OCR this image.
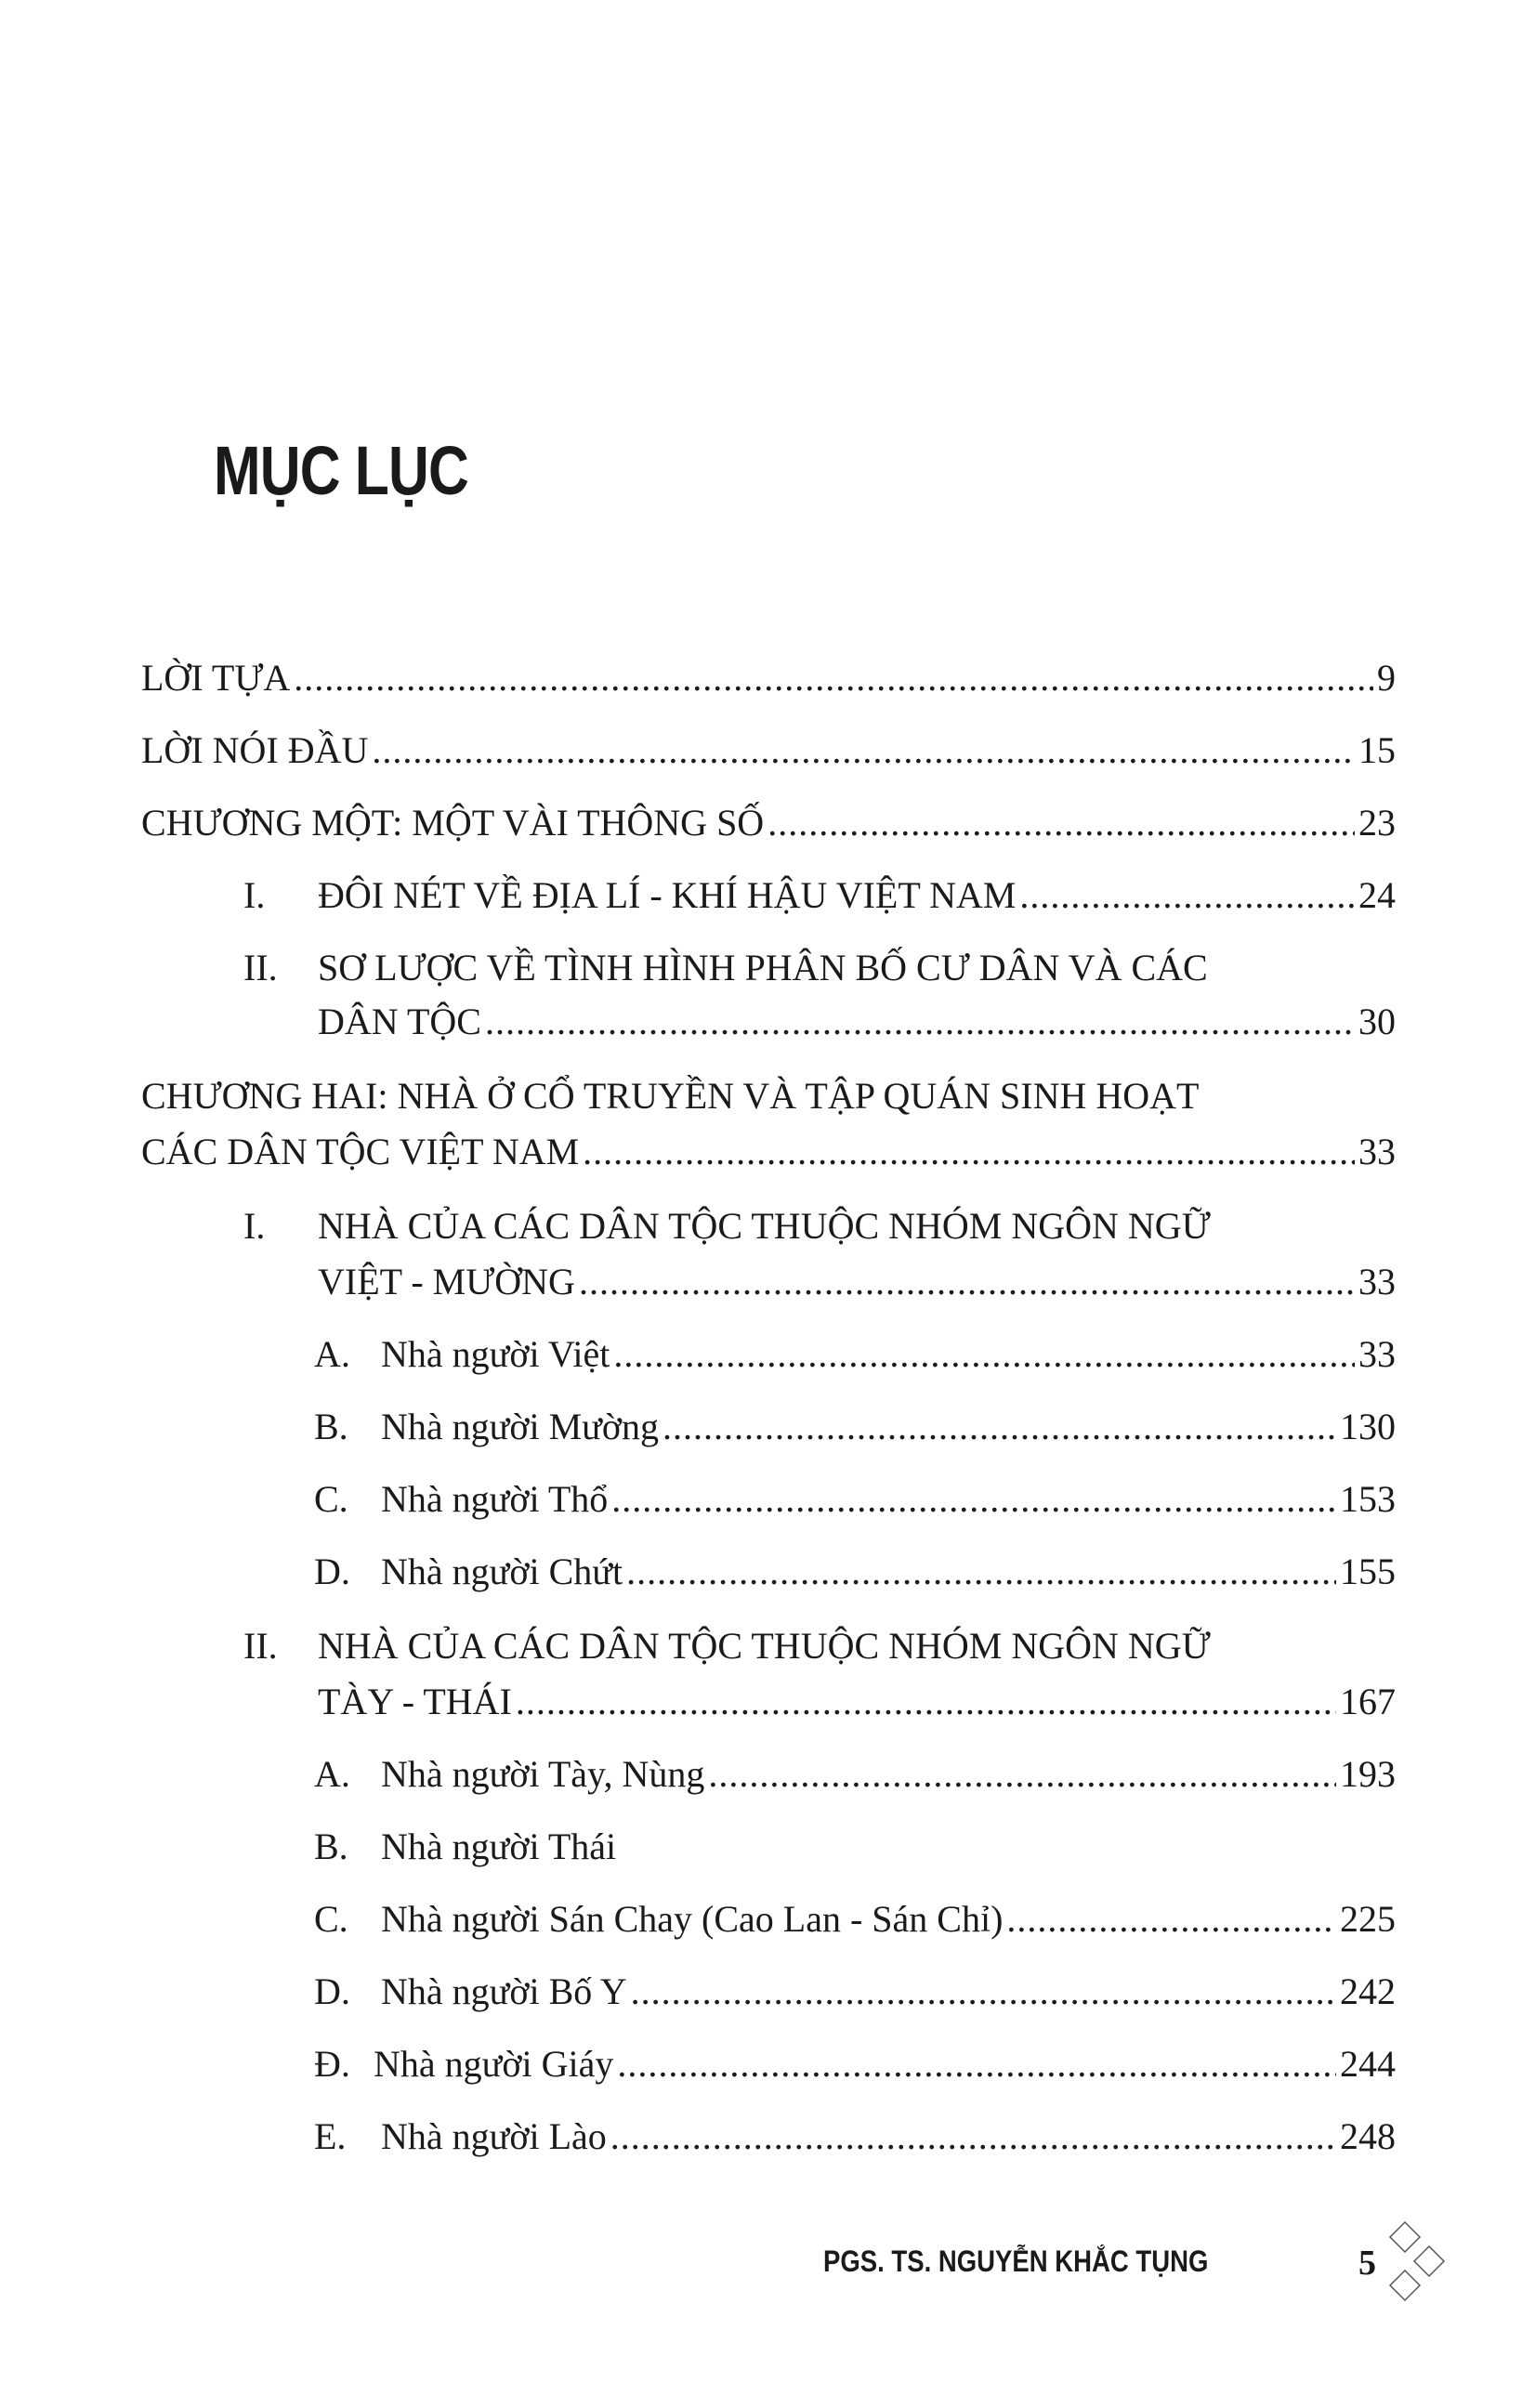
MỤC LỤC
LỜI TỰA .....	9
LỜI NÓI ĐẦU .....	15
CHƯƠNG MỘT: MỘT VÀI THÔNG SỐ .....	23
I.	ĐÔI NÉT VỀ ĐỊA LÍ - KHÍ HẬU VIỆT NAM .....	24
II.	SƠ LƯỢC VỀ TÌNH HÌNH PHÂN BỐ CƯ DÂN VÀ CÁC
DÂN TỘC .....	30
CHƯƠNG HAI: NHÀ Ở CỔ TRUYỀN VÀ TẬP QUÁN SINH HOẠT
CÁC DÂN TỘC VIỆT NAM .....	33
I.	NHÀ CỦA CÁC DÂN TỘC THUỘC NHÓM NGÔN NGỮ
VIỆT - MƯỜNG .....	33
A. Nhà người Việt .....	33
B. Nhà người Mường .....	130
C. Nhà người Thổ .....	153
D. Nhà người Chứt .....	155
II.	NHÀ CỦA CÁC DÂN TỘC THUỘC NHÓM NGÔN NGỮ
TÀY - THÁI .....	167
A. Nhà người Tày, Nùng .....	193
B. Nhà người Thái
C. Nhà người Sán Chay (Cao Lan - Sán Chỉ) .....	225
D. Nhà người Bố Y .....	242
Đ. Nhà người Giáy .....	244
E. Nhà người Lào .....	248
PGS. TS. NGUYỄN KHẮC TỤNG	5
